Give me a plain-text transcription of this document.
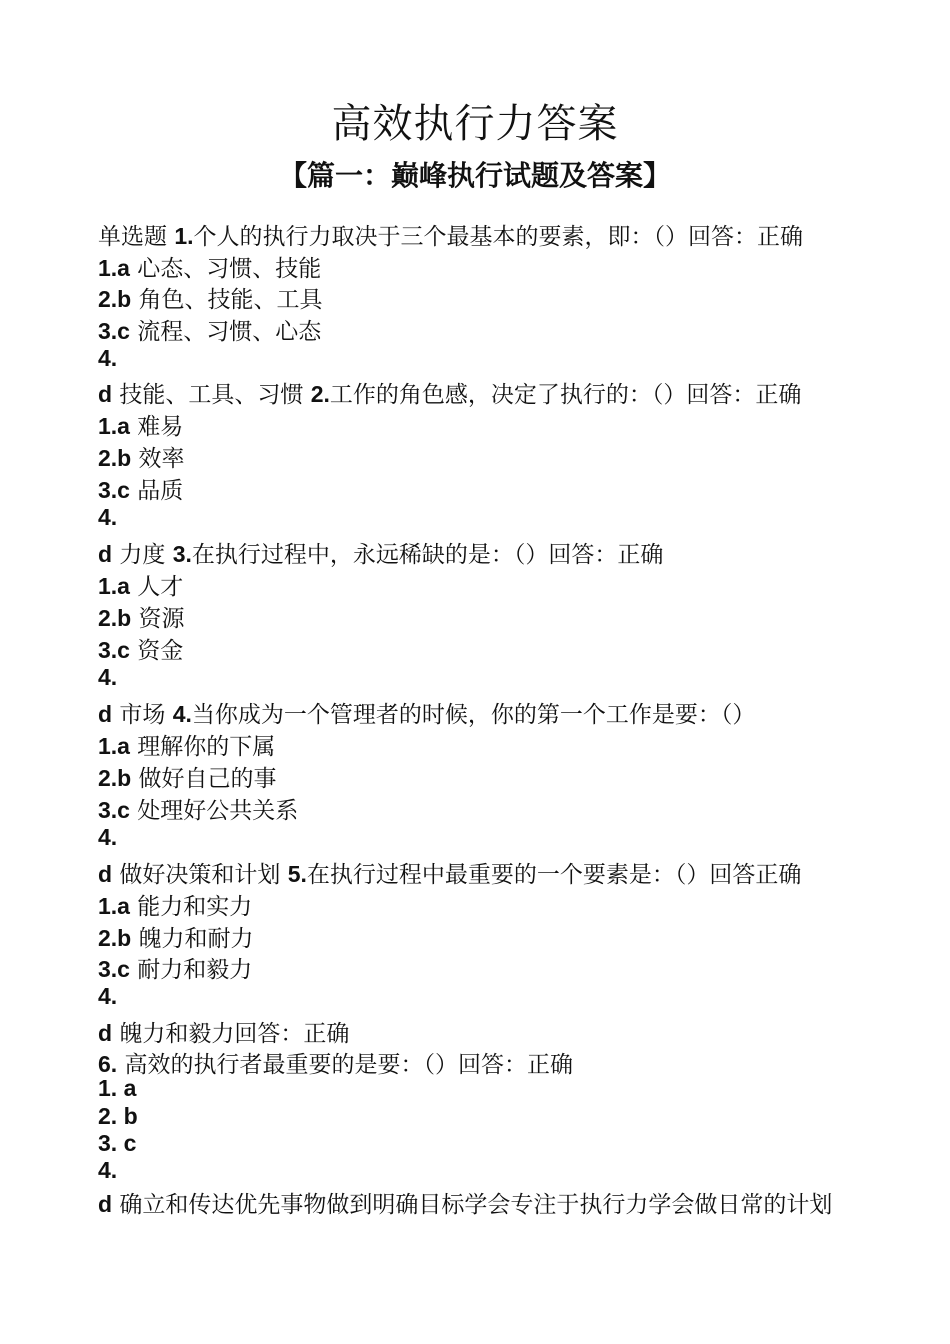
高效执行力答案
【篇一：巅峰执行试题及答案】
单选题 1.个人的执行力取决于三个最基本的要素，即：（）回答：正确
1.a 心态、习惯、技能
2.b 角色、技能、工具
3.c 流程、习惯、心态
4.
d 技能、工具、习惯 2.工作的角色感，决定了执行的：（）回答：正确
1.a 难易
2.b 效率
3.c 品质
4.
d 力度 3.在执行过程中，永远稀缺的是：（）回答：正确
1.a 人才
2.b 资源
3.c 资金
4.
d 市场 4.当你成为一个管理者的时候，你的第一个工作是要：（）
1.a 理解你的下属
2.b 做好自己的事
3.c 处理好公共关系
4.
d 做好决策和计划 5.在执行过程中最重要的一个要素是：（）回答正确
1.a 能力和实力
2.b 魄力和耐力
3.c 耐力和毅力
4.
d 魄力和毅力回答：正确
6. 高效的执行者最重要的是要：（）回答：正确
1. a
2. b
3. c
4.
d 确立和传达优先事物做到明确目标学会专注于执行力学会做日常的计划
